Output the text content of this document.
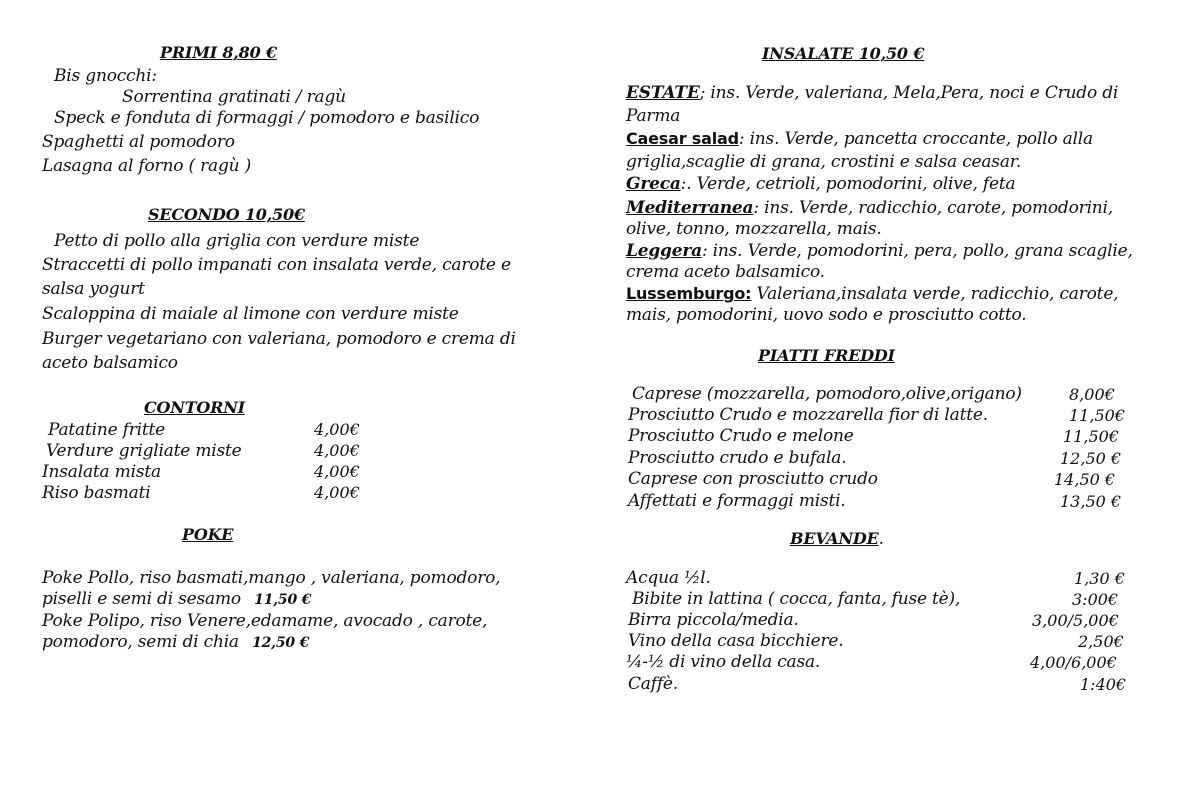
PRIMI 8,80 €
Bis gnocchi:
Sorrentina gratinati / ragù
Speck e fonduta di formaggi / pomodoro e basilico
Spaghetti al pomodoro
Lasagna al forno ( ragù )
SECONDO 10,50€
Petto di pollo alla griglia con verdure miste
Straccetti di pollo impanati con insalata verde, carote e
salsa yogurt
Scaloppina di maiale al limone con verdure miste
Burger vegetariano con valeriana, pomodoro e crema di
aceto balsamico
CONTORNI
Patatine fritte	4,00€
Verdure grigliate miste	4,00€
Insalata mista	4,00€
Riso basmati	4,00€
POKE
Poke Pollo, riso basmati,mango , valeriana, pomodoro,
piselli e semi di sesamo 11,50 €
Poke Polipo, riso Venere,edamame, avocado , carote,
pomodoro, semi di chia 12,50 €
INSALATE 10,50 €
ESTATE; ins. Verde, valeriana, Mela,Pera, noci e Crudo di
Parma
Caesar salad: ins. Verde, pancetta croccante, pollo alla
griglia,scaglie di grana, crostini e salsa ceasar.
Greca:. Verde, cetrioli, pomodorini, olive, feta
Mediterranea: ins. Verde, radicchio, carote, pomodorini,
olive, tonno, mozzarella, mais.
Leggera: ins. Verde, pomodorini, pera, pollo, grana scaglie,
crema aceto balsamico.
Lussemburgo: Valeriana,insalata verde, radicchio, carote,
mais, pomodorini, uovo sodo e prosciutto cotto.
PIATTI FREDDI
Caprese (mozzarella, pomodoro,olive,origano)	8,00€
Prosciutto Crudo e mozzarella fior di latte.	11,50€
Prosciutto Crudo e melone	11,50€
Prosciutto crudo e bufala.	12,50 €
Caprese con prosciutto crudo	14,50 €
Affettati e formaggi misti.	13,50 €
BEVANDE.
Acqua ½l.	1,30 €
Bibite in lattina ( cocca, fanta, fuse tè),	3:00€
Birra piccola/media.	3,00/5,00€
Vino della casa bicchiere.	2,50€
¼-½ di vino della casa.	4,00/6,00€
Caffè.	1:40€
